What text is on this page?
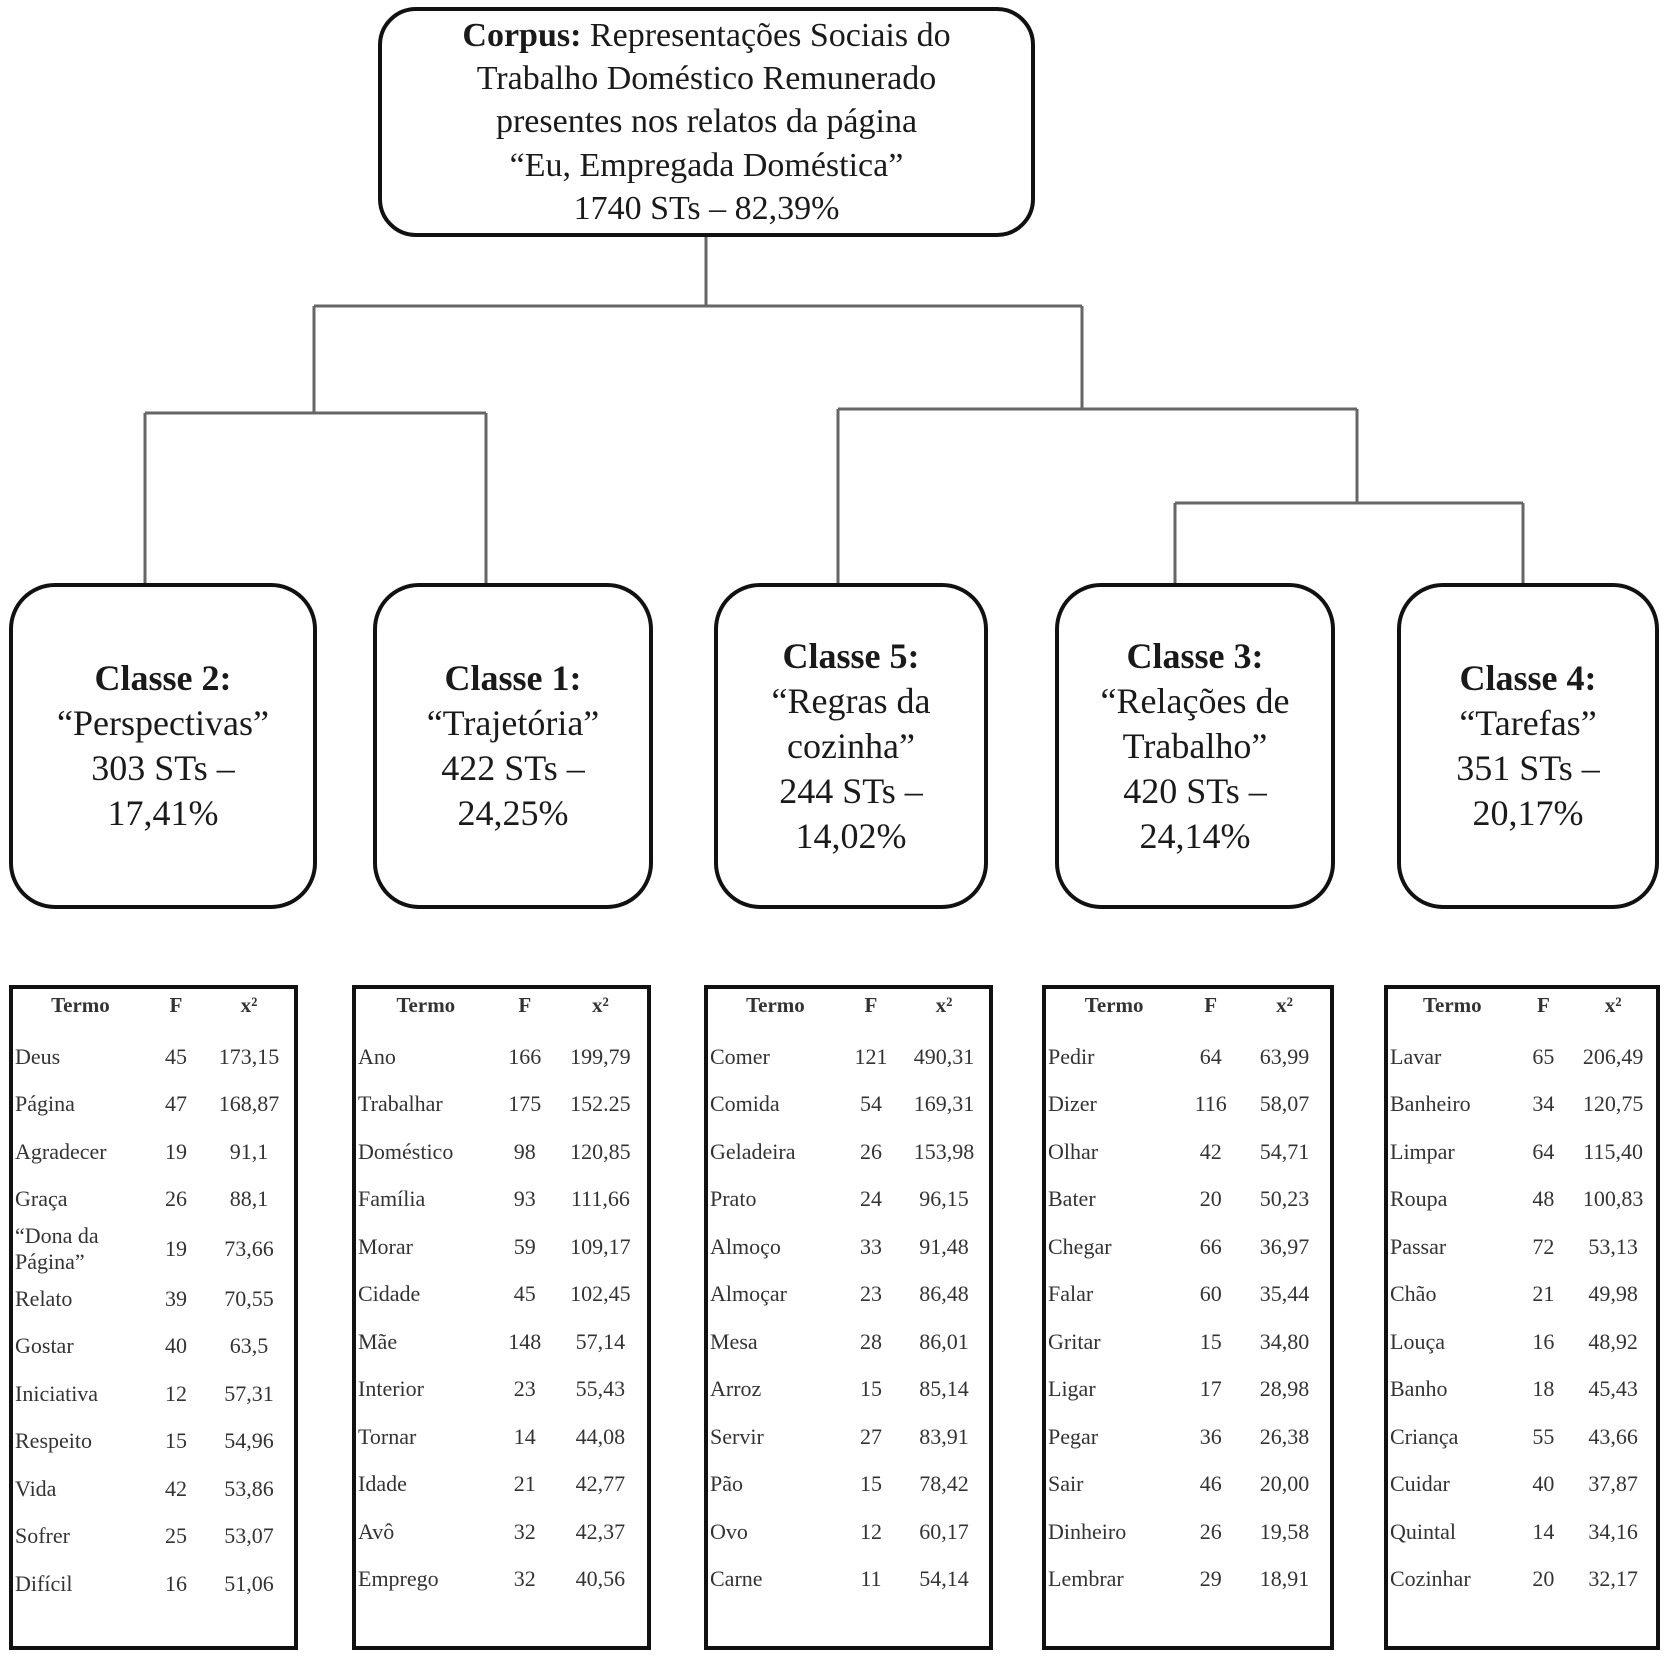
Corpus: Representações Sociais do
Trabalho Doméstico Remunerado
presentes nos relatos da página
“Eu, Empregada Doméstica”
1740 STs – 82,39%
Classe 2:
“Perspectivas”
303 STs –
17,41%
Classe 1:
“Trajetória”
422 STs –
24,25%
Classe 5:
“Regras da
cozinha”
244 STs –
14,02%
Classe 3:
“Relações de
Trabalho”
420 STs –
24,14%
Classe 4:
“Tarefas”
351 STs –
20,17%
Termo	F	x²
Deus	45	173,15
Página	47	168,87
Agradecer	19	91,1
Graça	26	88,1
“Dona da Página”	19	73,66
Relato	39	70,55
Gostar	40	63,5
Iniciativa	12	57,31
Respeito	15	54,96
Vida	42	53,86
Sofrer	25	53,07
Difícil	16	51,06
Termo	F	x²
Ano	166	199,79
Trabalhar	175	152.25
Doméstico	98	120,85
Família	93	111,66
Morar	59	109,17
Cidade	45	102,45
Mãe	148	57,14
Interior	23	55,43
Tornar	14	44,08
Idade	21	42,77
Avô	32	42,37
Emprego	32	40,56
Termo	F	x²
Comer	121	490,31
Comida	54	169,31
Geladeira	26	153,98
Prato	24	96,15
Almoço	33	91,48
Almoçar	23	86,48
Mesa	28	86,01
Arroz	15	85,14
Servir	27	83,91
Pão	15	78,42
Ovo	12	60,17
Carne	11	54,14
Termo	F	x²
Pedir	64	63,99
Dizer	116	58,07
Olhar	42	54,71
Bater	20	50,23
Chegar	66	36,97
Falar	60	35,44
Gritar	15	34,80
Ligar	17	28,98
Pegar	36	26,38
Sair	46	20,00
Dinheiro	26	19,58
Lembrar	29	18,91
Termo	F	x²
Lavar	65	206,49
Banheiro	34	120,75
Limpar	64	115,40
Roupa	48	100,83
Passar	72	53,13
Chão	21	49,98
Louça	16	48,92
Banho	18	45,43
Criança	55	43,66
Cuidar	40	37,87
Quintal	14	34,16
Cozinhar	20	32,17
